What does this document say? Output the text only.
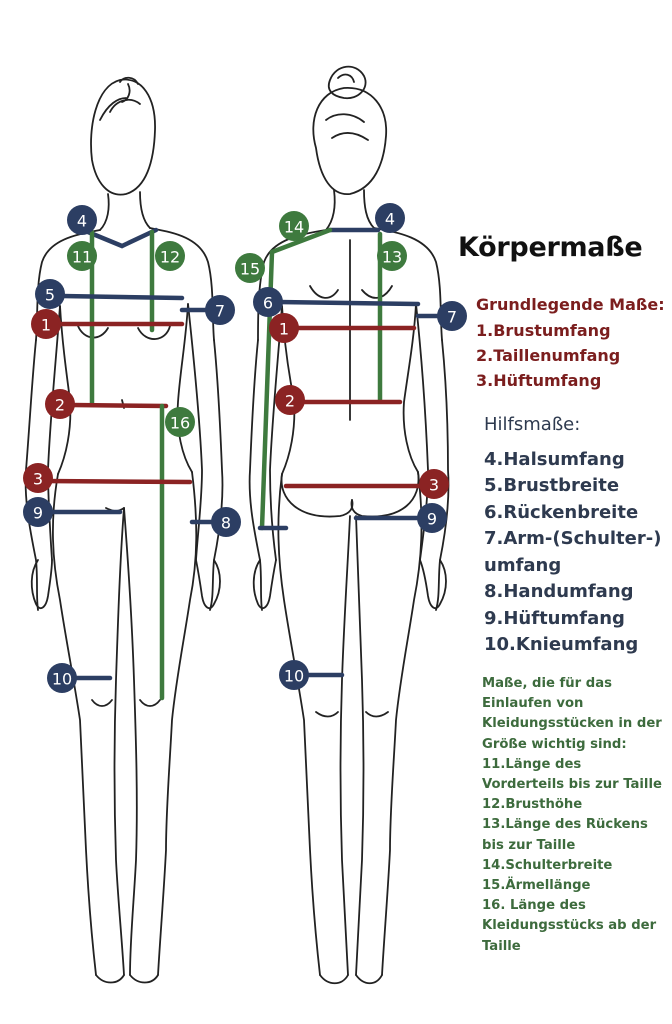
4
11	12
5
7
1
2
16
3
9
8
10
14	4
15
13
6
7
1
2
3
9
10
Körpermaße
Grundlegende Maße:
1.Brustumfang
2.Taillenumfang
3.Hüftumfang
Hilfsmaße:
4.Halsumfang
5.Brustbreite
6.Rückenbreite
7.Arm-(Schulter-)
umfang
8.Handumfang
9.Hüftumfang
10.Knieumfang
Maße, die für das
Einlaufen von
Kleidungsstücken in der
Größe wichtig sind:
11.Länge des
Vorderteils bis zur Taille
12.Brusthöhe
13.Länge des Rückens
bis zur Taille
14.Schulterbreite
15.Ärmellänge
16. Länge des
Kleidungsstücks ab der
Taille
